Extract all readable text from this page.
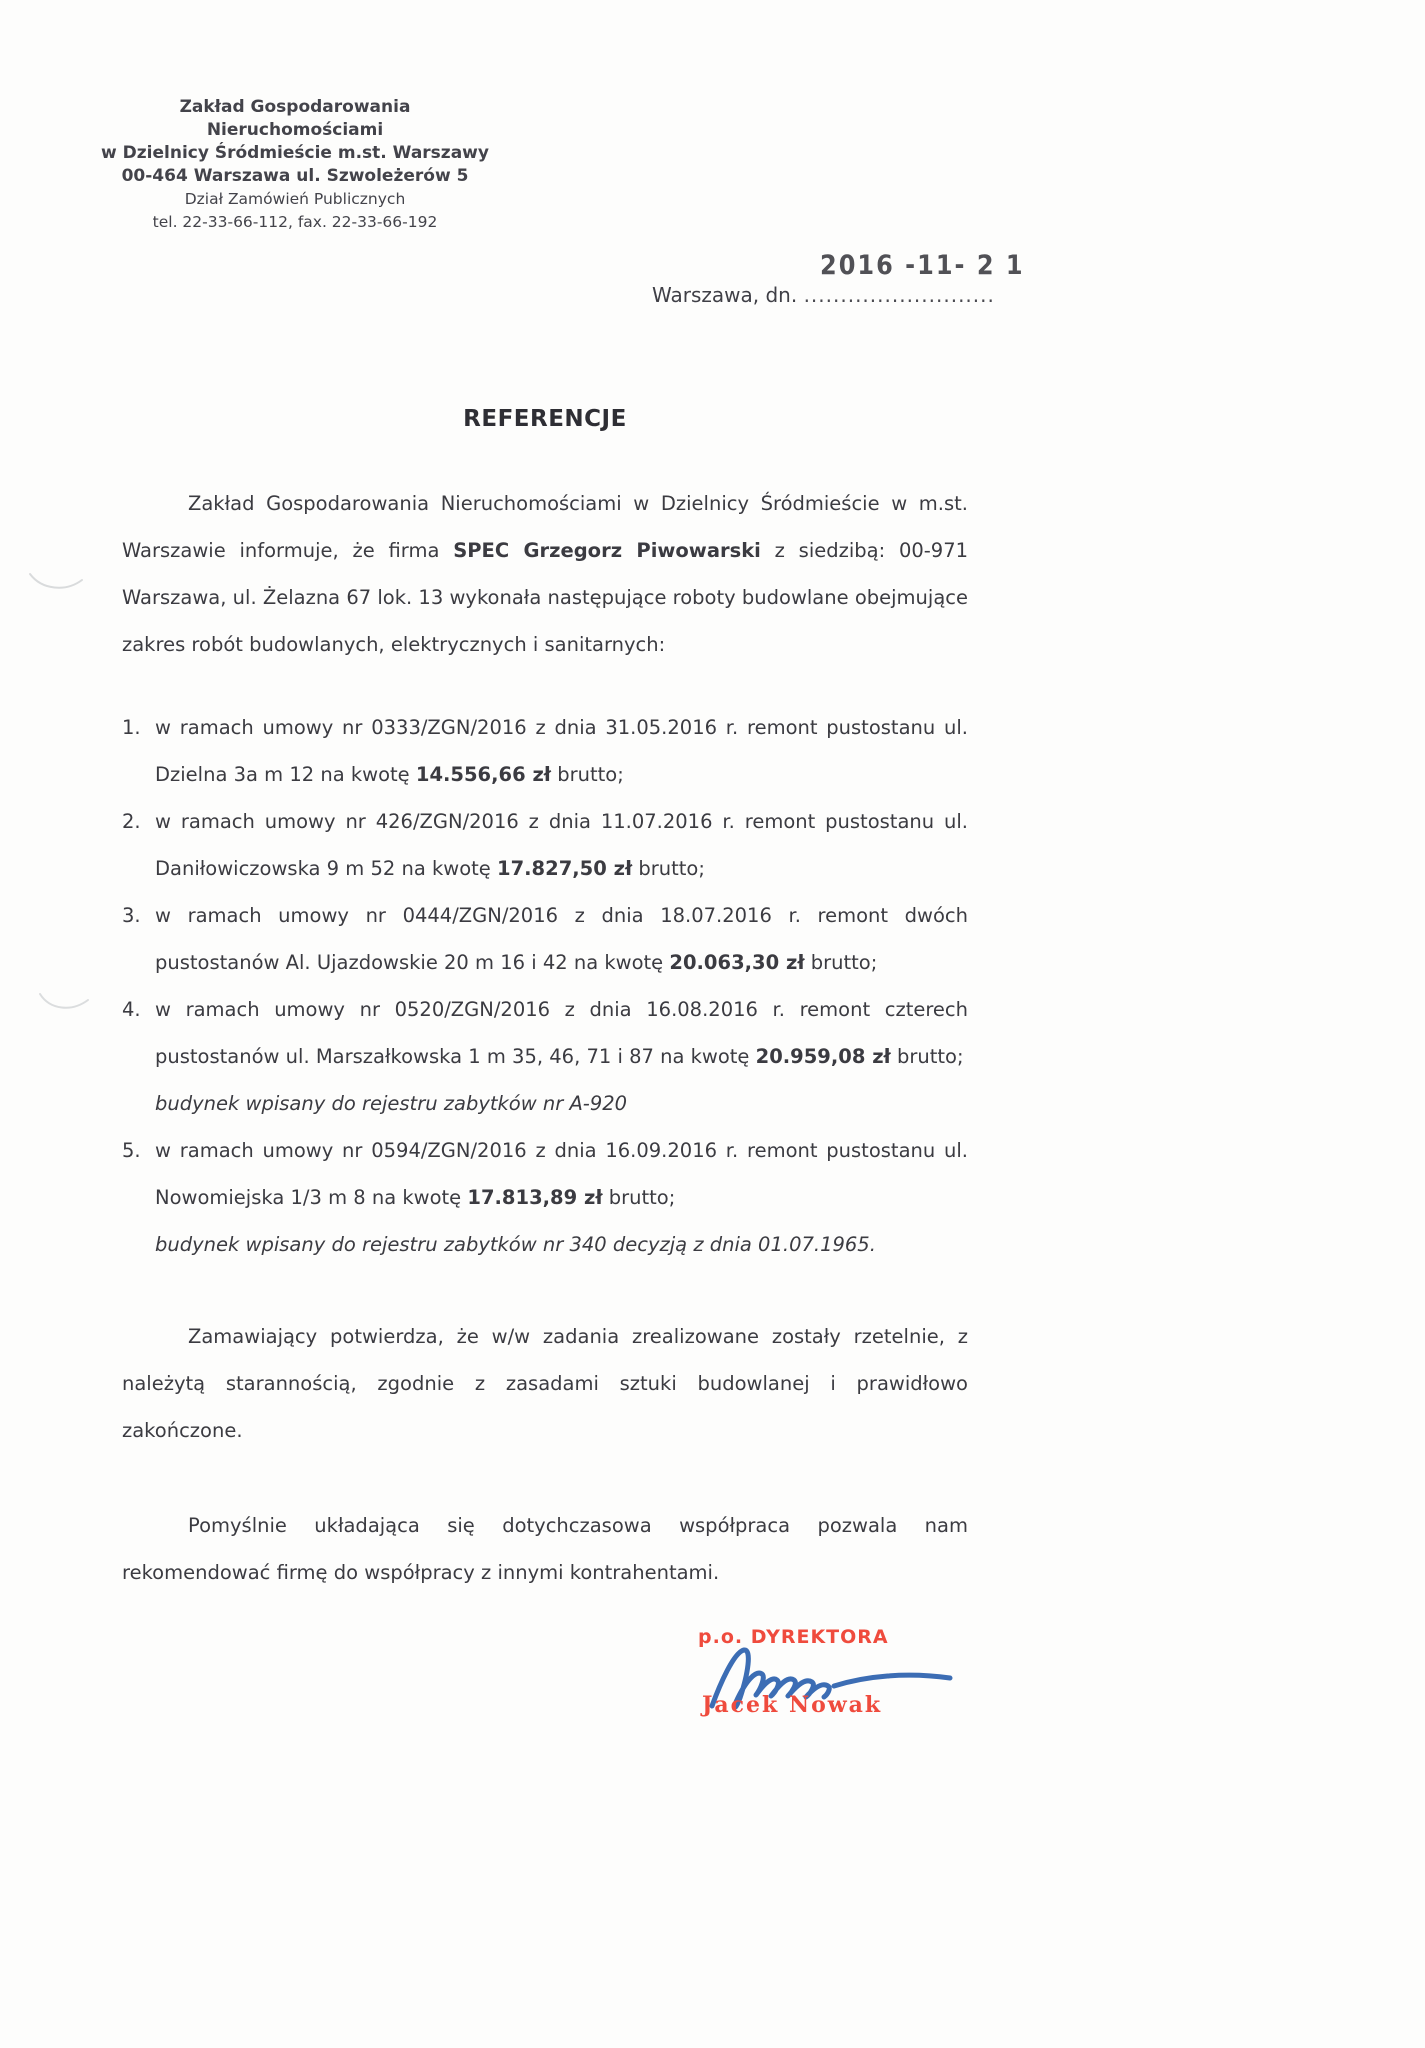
Zakład Gospodarowania Nieruchomościami
w Dzielnicy Śródmieście m.st. Warszawy
00-464 Warszawa ul. Szwoleżerów 5
Dział Zamówień Publicznych
tel. 22-33-66-112, fax. 22-33-66-192
Warszawa, dn. ..........................
2016 -11- 2 1
REFERENCJE

Zakład Gospodarowania Nieruchomościami w Dzielnicy Śródmieście w m.st. Warszawie informuje, że firma SPEC Grzegorz Piwowarski z siedzibą: 00-971 Warszawa, ul. Żelazna 67 lok. 13 wykonała następujące roboty budowlane obejmujące zakres robót budowlanych, elektrycznych i sanitarnych:

1. w ramach umowy nr 0333/ZGN/2016 z dnia 31.05.2016 r. remont pustostanu ul. Dzielna 3a m 12 na kwotę 14.556,66 zł brutto;
2. w ramach umowy nr 426/ZGN/2016 z dnia 11.07.2016 r. remont pustostanu ul. Daniłowiczowska 9 m 52 na kwotę 17.827,50 zł brutto;
3. w ramach umowy nr 0444/ZGN/2016 z dnia 18.07.2016 r. remont dwóch pustostanów Al. Ujazdowskie 20 m 16 i 42 na kwotę 20.063,30 zł brutto;
4. w ramach umowy nr 0520/ZGN/2016 z dnia 16.08.2016 r. remont czterech pustostanów ul. Marszałkowska 1 m 35, 46, 71 i 87 na kwotę 20.959,08 zł brutto;
budynek wpisany do rejestru zabytków nr A-920
5. w ramach umowy nr 0594/ZGN/2016 z dnia 16.09.2016 r. remont pustostanu ul. Nowomiejska 1/3 m 8 na kwotę 17.813,89 zł brutto;
budynek wpisany do rejestru zabytków nr 340 decyzją z dnia 01.07.1965.

Zamawiający potwierdza, że w/w zadania zrealizowane zostały rzetelnie, z należytą starannością, zgodnie z zasadami sztuki budowlanej i prawidłowo zakończone.

Pomyślnie układająca się dotychczasowa współpraca pozwala nam rekomendować firmę do współpracy z innymi kontrahentami.

p.o. DYREKTORA
Jacek Nowak
